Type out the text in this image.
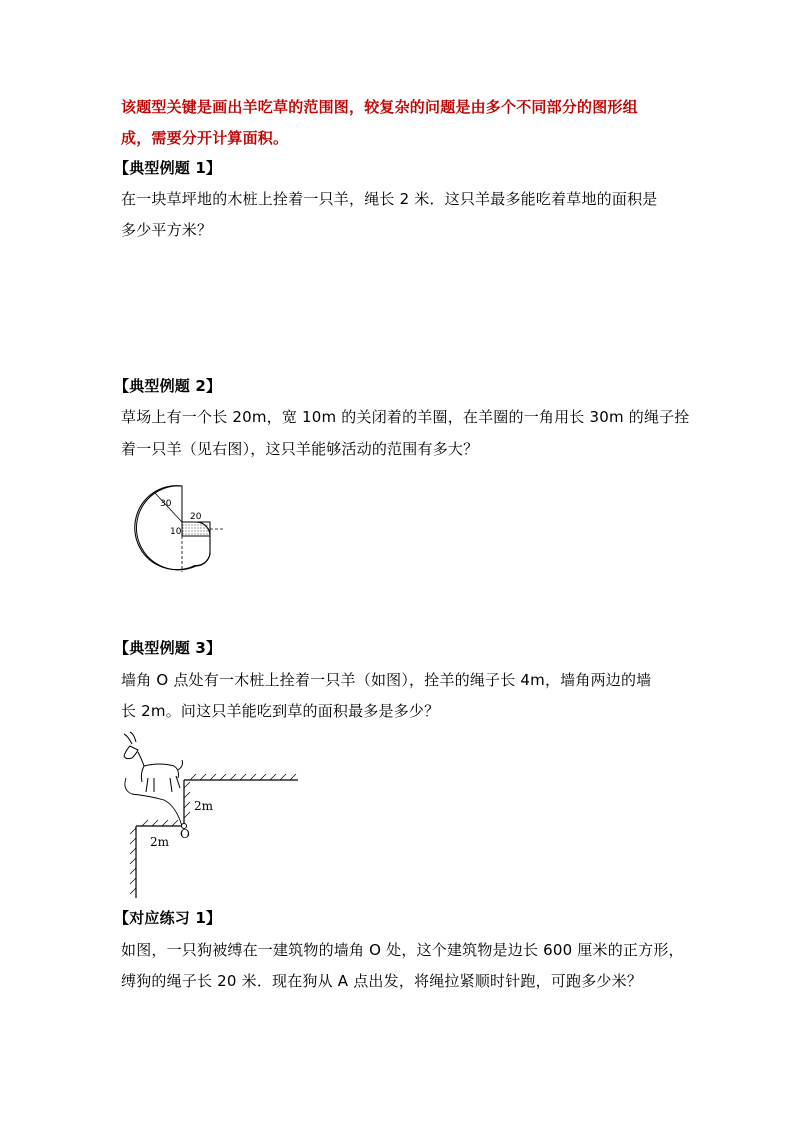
该题型关键是画出羊吃草的范围图，较复杂的问题是由多个不同部分的图形组
成，需要分开计算面积。
【典型例题 1】
在一块草坪地的木桩上拴着一只羊，绳长 2 米．这只羊最多能吃着草地的面积是
多少平方米？
【典型例题 2】
草场上有一个长 20m，宽 10m 的关闭着的羊圈，在羊圈的一角用长 30m 的绳子拴
着一只羊（见右图），这只羊能够活动的范围有多大？
30
20
10
【典型例题 3】
墙角 O 点处有一木桩上拴着一只羊（如图），拴羊的绳子长 4m，墙角两边的墙
长 2m。问这只羊能吃到草的面积最多是多少？
2m
2m
O
【对应练习 1】
如图，一只狗被缚在一建筑物的墙角 O 处，这个建筑物是边长 600 厘米的正方形，
缚狗的绳子长 20 米．现在狗从 A 点出发，将绳拉紧顺时针跑，可跑多少米？
